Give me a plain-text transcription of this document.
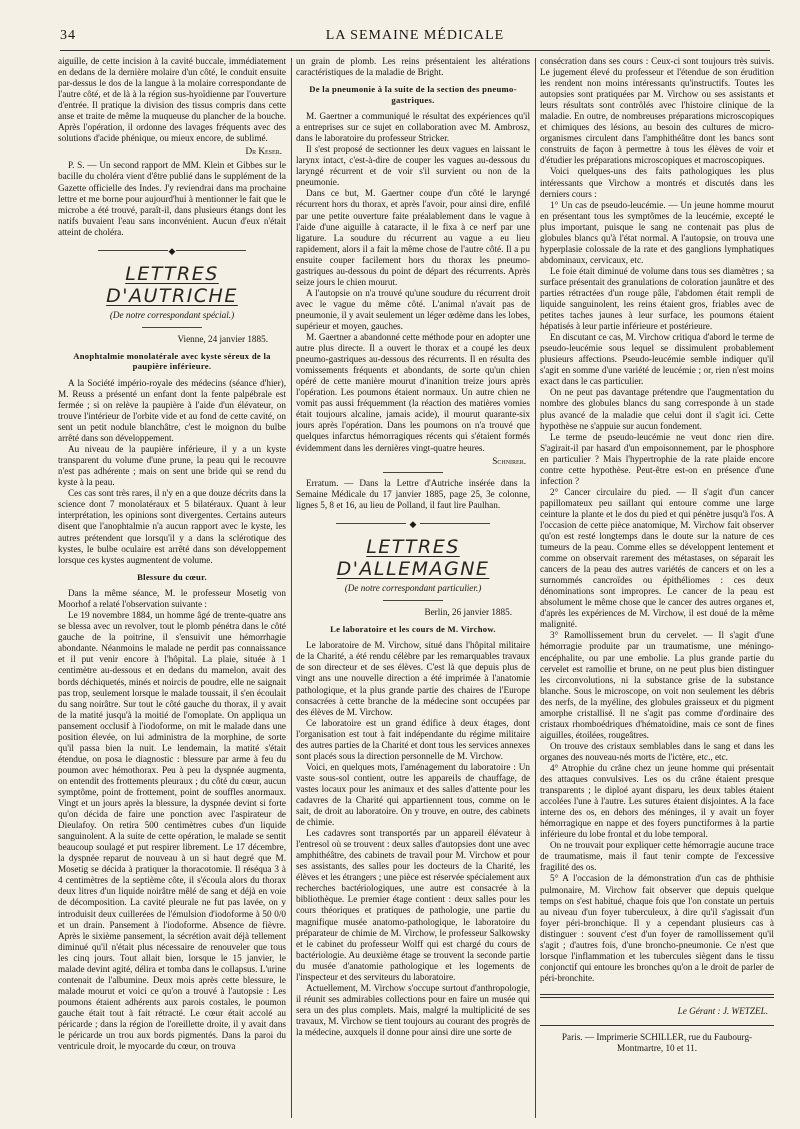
34	LA SEMAINE MÉDICALE

aiguille, de cette incision à la cavité buccale, immédiatement en dedans de la dernière molaire d'un côté, le conduit ensuite par-dessus le dos de la langue à la molaire correspondante de l'autre côté, et de là à la région sus-hyoïdienne par l'ouverture d'entrée. Il pratique la division des tissus compris dans cette anse et traite de même la muqueuse du plancher de la bouche. Après l'opération, il ordonne des lavages fréquents avec des solutions d'acide phénique, ou mieux encore, de sublimé.

Dr Keser.

P. S. — Un second rapport de MM. Klein et Gibbes sur le bacille du choléra vient d'être publié dans le supplément de la Gazette officielle des Indes. J'y reviendrai dans ma prochaine lettre et me borne pour aujourd'hui à mentionner le fait que le microbe a été trouvé, paraît-il, dans plusieurs étangs dont les natifs buvaient l'eau sans inconvénient. Aucun d'eux n'était atteint de choléra.

◆
LETTRES D'AUTRICHE
(De notre correspondant spécial.)
Vienne, 24 janvier 1885.
Anophtalmie monolatérale avec kyste séreux de la paupière inférieure.

A la Société império-royale des médecins (séance d'hier), M. Reuss a présenté un enfant dont la fente palpébrale est fermée ; si on relève la paupière à l'aide d'un élévateur, on trouve l'intérieur de l'orbite vide et au fond de cette cavité, on sent un petit nodule blanchâtre, c'est le moignon du bulbe arrêté dans son développement.

Au niveau de la paupière inférieure, il y a un kyste transparent du volume d'une prune, la peau qui le recouvre n'est pas adhérente ; mais on sent une bride qui se rend du kyste à la peau.

Ces cas sont très rares, il n'y en a que douze décrits dans la science dont 7 monolatéraux et 5 bilatéraux. Quant à leur interprétation, les opinions sont divergentes. Certains auteurs disent que l'anophtalmie n'a aucun rapport avec le kyste, les autres prétendent que lorsqu'il y a dans la sclérotique des kystes, le bulbe oculaire est arrêté dans son développement lorsque ces kystes augmentent de volume.

Blessure du cœur.

Dans la même séance, M. le professeur Mosetig von Moorhof a relaté l'observation suivante :

Le 19 novembre 1884, un homme âgé de trente-quatre ans se blessa avec un revolver, tout le plomb pénétra dans le côté gauche de la poitrine, il s'ensuivit une hémorrhagie abondante. Néanmoins le malade ne perdit pas connaissance et il put venir encore à l'hôpital. La plaie, située à 1 centimètre au-dessous et en dedans du mamelon, avait des bords déchiquetés, minés et noircis de poudre, elle ne saignait pas trop, seulement lorsque le malade toussait, il s'en écoulait du sang noirâtre. Sur tout le côté gauche du thorax, il y avait de la matité jusqu'à la moitié de l'omoplate. On appliqua un pansement occlusif à l'iodoforme, on mit le malade dans une position élevée, on lui administra de la morphine, de sorte qu'il passa bien la nuit. Le lendemain, la matité s'était étendue, on posa le diagnostic : blessure par arme à feu du poumon avec hémothorax. Peu à peu la dyspnée augmenta, on entendit des frottements pleuraux ; du côté du cœur, aucun symptôme, point de frottement, point de souffles anormaux. Vingt et un jours après la blessure, la dyspnée devint si forte qu'on décida de faire une ponction avec l'aspirateur de Dieulafoy. On retira 500 centimètres cubes d'un liquide sanguinolent. A la suite de cette opération, le malade se sentit beaucoup soulagé et put respirer librement. Le 17 décembre, la dyspnée reparut de nouveau à un si haut degré que M. Mosetig se décida à pratiquer la thoracotomie. Il réséqua 3 à 4 centimètres de la septième côte, il s'écoula alors du thorax deux litres d'un liquide noirâtre mêlé de sang et déjà en voie de décomposition. La cavité pleurale ne fut pas lavée, on y introduisit deux cuillerées de l'émulsion d'iodoforme à 50 0/0 et un drain. Pansement à l'iodoforme. Absence de fièvre. Après le sixième pansement, la sécrétion avait déjà tellement diminué qu'il n'était plus nécessaire de renouveler que tous les cinq jours. Tout allait bien, lorsque le 15 janvier, le malade devint agité, délira et tomba dans le collapsus. L'urine contenait de l'albumine. Deux mois après cette blessure, le malade mourut et voici ce qu'on a trouvé à l'autopsie : Les poumons étaient adhérents aux parois costales, le poumon gauche était tout à fait rétracté. Le cœur était accolé au péricarde ; dans la région de l'oreillette droite, il y avait dans le péricarde un trou aux bords pigmentés. Dans la paroi du ventricule droit, le myocarde du cœur, on trouva

un grain de plomb. Les reins présentaient les altérations caractéristiques de la maladie de Bright.

De la pneumonie à la suite de la section des pneumo-gastriques.

M. Gaertner a communiqué le résultat des expériences qu'il a entreprises sur ce sujet en collaboration avec M. Ambrosz, dans le laboratoire du professeur Stricker.

Il s'est proposé de sectionner les deux vagues en laissant le larynx intact, c'est-à-dire de couper les vagues au-dessous du laryngé récurrent et de voir s'il survient ou non de la pneumonie.

Dans ce but, M. Gaertner coupe d'un côté le laryngé récurrent hors du thorax, et après l'avoir, pour ainsi dire, enfilé par une petite ouverture faite préalablement dans le vague à l'aide d'une aiguille à cataracte, il le fixa à ce nerf par une ligature. La soudure du récurrent au vague a eu lieu rapidement, alors il a fait la même chose de l'autre côté. Il a pu ensuite couper facilement hors du thorax les pneumo-gastriques au-dessous du point de départ des récurrents. Après seize jours le chien mourut.

A l'autopsie on n'a trouvé qu'une soudure du récurrent droit avec le vague du même côté. L'animal n'avait pas de pneumonie, il y avait seulement un léger œdème dans les lobes, supérieur et moyen, gauches.

M. Gaertner a abandonné cette méthode pour en adopter une autre plus directe. Il a ouvert le thorax et a coupé les deux pneumo-gastriques au-dessous des récurrents. Il en résulta des vomissements fréquents et abondants, de sorte qu'un chien opéré de cette manière mourut d'inanition treize jours après l'opération. Les poumons étaient normaux. Un autre chien ne vomit pas aussi fréquemment (la réaction des matières vomies était toujours alcaline, jamais acide), il mourut quarante-six jours après l'opération. Dans les poumons on n'a trouvé que quelques infarctus hémorragiques récents qui s'étaient formés évidemment dans les dernières vingt-quatre heures.

Schnirer.

Erratum. — Dans la Lettre d'Autriche insérée dans la Semaine Médicale du 17 janvier 1885, page 25, 3e colonne, lignes 5, 8 et 16, au lieu de Polland, il faut lire Paulhan.

◆
LETTRES D'ALLEMAGNE
(De notre correspondant particulier.)
Berlin, 26 janvier 1885.
Le laboratoire et les cours de M. Virchow.

Le laboratoire de M. Virchow, situé dans l'hôpital militaire de la Charité, a été rendu célèbre par les remarquables travaux de son directeur et de ses élèves. C'est là que depuis plus de vingt ans une nouvelle direction a été imprimée à l'anatomie pathologique, et la plus grande partie des chaires de l'Europe consacrées à cette branche de la médecine sont occupées par des élèves de M. Virchow.

Ce laboratoire est un grand édifice à deux étages, dont l'organisation est tout à fait indépendante du régime militaire des autres parties de la Charité et dont tous les services annexes sont placés sous la direction personnelle de M. Virchow.

Voici, en quelques mots, l'aménagement du laboratoire : Un vaste sous-sol contient, outre les appareils de chauffage, de vastes locaux pour les animaux et des salles d'attente pour les cadavres de la Charité qui appartiennent tous, comme on le sait, de droit au laboratoire. On y trouve, en outre, des cabinets de chimie.

Les cadavres sont transportés par un appareil élévateur à l'entresol où se trouvent : deux salles d'autopsies dont une avec amphithéâtre, des cabinets de travail pour M. Virchow et pour ses assistants, des salles pour les docteurs de la Charité, les élèves et les étrangers ; une pièce est réservée spécialement aux recherches bactériologiques, une autre est consacrée à la bibliothèque. Le premier étage contient : deux salles pour les cours théoriques et pratiques de pathologie, une partie du magnifique musée anatomo-pathologique, le laboratoire du préparateur de chimie de M. Virchow, le professeur Salkowsky et le cabinet du professeur Wolff qui est chargé du cours de bactériologie. Au deuxième étage se trouvent la seconde partie du musée d'anatomie pathologique et les logements de l'inspecteur et des serviteurs du laboratoire.

Actuellement, M. Virchow s'occupe surtout d'anthropologie, il réunit ses admirables collections pour en faire un musée qui sera un des plus complets. Mais, malgré la multiplicité de ses travaux, M. Virchow se tient toujours au courant des progrès de la médecine, auxquels il donne pour ainsi dire une sorte de

consécration dans ses cours : Ceux-ci sont toujours très suivis. Le jugement élevé du professeur et l'étendue de son érudition les rendent non moins intéressants qu'instructifs. Toutes les autopsies sont pratiquées par M. Virchow ou ses assistants et leurs résultats sont contrôlés avec l'histoire clinique de la maladie. En outre, de nombreuses préparations microscopiques et chimiques des lésions, au besoin des cultures de micro-organismes circulent dans l'amphithéâtre dont les bancs sont construits de façon à permettre à tous les élèves de voir et d'étudier les préparations microscopiques et macroscopiques.

Voici quelques-uns des faits pathologiques les plus intéressants que Virchow a montrés et discutés dans les derniers cours :

1° Un cas de pseudo-leucémie. — Un jeune homme mourut en présentant tous les symptômes de la leucémie, excepté le plus important, puisque le sang ne contenait pas plus de globules blancs qu'à l'état normal. A l'autopsie, on trouva une hyperplasie colossale de la rate et des ganglions lymphatiques abdominaux, cervicaux, etc.

Le foie était diminué de volume dans tous ses diamètres ; sa surface présentait des granulations de coloration jaunâtre et des parties rétractées d'un rouge pâle, l'abdomen était rempli de liquide sanguinolent, les reins étaient gros, friables avec de petites taches jaunes à leur surface, les poumons étaient hépatisés à leur partie inférieure et postérieure.

En discutant ce cas, M. Virchow critiqua d'abord le terme de pseudo-leucémie sous lequel se dissimulent probablement plusieurs affections. Pseudo-leucémie semble indiquer qu'il s'agit en somme d'une variété de leucémie ; or, rien n'est moins exact dans le cas particulier.

On ne peut pas davantage prétendre que l'augmentation du nombre des globules blancs du sang corresponde à un stade plus avancé de la maladie que celui dont il s'agit ici. Cette hypothèse ne s'appuie sur aucun fondement.

Le terme de pseudo-leucémie ne veut donc rien dire. S'agirait-il par hasard d'un empoisonnement, par le phosphore en particulier ? Mais l'hypertrophie de la rate plaide encore contre cette hypothèse. Peut-être est-on en présence d'une infection ?

2° Cancer circulaire du pied. — Il s'agit d'un cancer papillomateux peu saillant qui entoure comme une large ceinture la plante et le dos du pied et qui pénètre jusqu'à l'os. A l'occasion de cette pièce anatomique, M. Virchow fait observer qu'on est resté longtemps dans le doute sur la nature de ces tumeurs de la peau. Comme elles se développent lentement et comme on observait rarement des métastases, on séparait les cancers de la peau des autres variétés de cancers et on les a surnommés cancroïdes ou épithéliomes : ces deux dénominations sont impropres. Le cancer de la peau est absolument le même chose que le cancer des autres organes et, d'après les expériences de M. Virchow, il est doué de la même malignité.

3° Ramollissement brun du cervelet. — Il s'agit d'une hémorragie produite par un traumatisme, une méningo-encéphalite, ou par une embolie. La plus grande partie du cervelet est ramollie et brune, on ne peut plus bien distinguer les circonvolutions, ni la substance grise de la substance blanche. Sous le microscope, on voit non seulement les débris des nerfs, de la myéline, des globules graisseux et du pigment amorphe cristallisé. Il ne s'agit pas comme d'ordinaire des cristaux rhomboédriques d'hématoïdine, mais ce sont de fines aiguilles, étoilées, rougeâtres.

On trouve des cristaux semblables dans le sang et dans les organes des nouveau-nés morts de l'ictère, etc., etc.

4° Atrophie du crâne chez un jeune homme qui présentait des attaques convulsives. Les os du crâne étaient presque transparents ; le diploé ayant disparu, les deux tables étaient accolées l'une à l'autre. Les sutures étaient disjointes. A la face interne des os, en dehors des méninges, il y avait un foyer hémorragique en nappe et des foyers punctiformes à la partie inférieure du lobe frontal et du lobe temporal.

On ne trouvait pour expliquer cette hémorragie aucune trace de traumatisme, mais il faut tenir compte de l'excessive fragilité des os.

5° A l'occasion de la démonstration d'un cas de phthisie pulmonaire, M. Virchow fait observer que depuis quelque temps on s'est habitué, chaque fois que l'on constate un pertuis au niveau d'un foyer tuberculeux, à dire qu'il s'agissait d'un foyer péri-bronchique. Il y a cependant plusieurs cas à distinguer : souvent c'est d'un foyer de ramollissement qu'il s'agit ; d'autres fois, d'une broncho-pneumonie. Ce n'est que lorsque l'inflammation et les tubercules siègent dans le tissu conjonctif qui entoure les bronches qu'on a le droit de parler de péri-bronchite.

Le Gérant : J. WETZEL.
Paris. — Imprimerie SCHILLER, rue du Faubourg-Montmartre, 10 et 11.
